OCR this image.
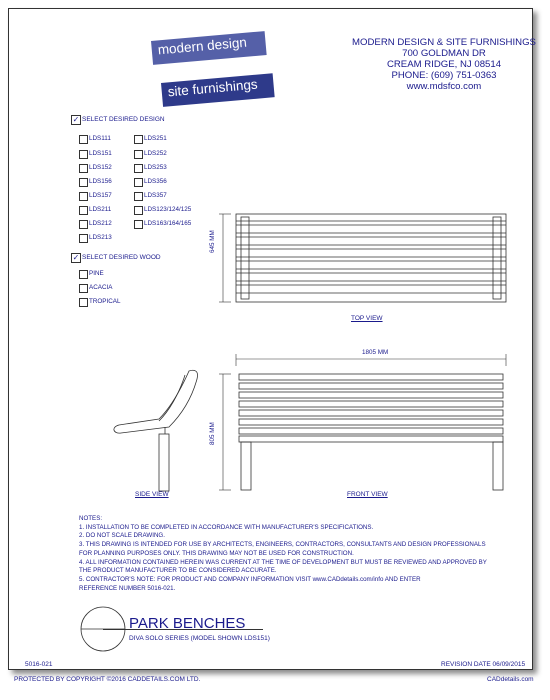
modern design
site furnishings
MODERN DESIGN & SITE FURNISHINGS
700 GOLDMAN DR
CREAM RIDGE, NJ 08514
PHONE: (609) 751-0363
www.mdsfco.com
✓ SELECT DESIRED DESIGN
LDS111
LDS151
LDS152
LDS156
LDS157
LDS211
LDS212
LDS213
LDS251
LDS252
LDS253
LDS356
LDS357
LDS123/124/125
LDS163/164/165
✓ SELECT DESIRED WOOD
PINE
ACACIA
TROPICAL
645 MM
1805 MM
805 MM
TOP VIEW
SIDE VIEW	FRONT VIEW
NOTES:
1. INSTALLATION TO BE COMPLETED IN ACCORDANCE WITH MANUFACTURER'S SPECIFICATIONS.
2. DO NOT SCALE DRAWING.
3. THIS DRAWING IS INTENDED FOR USE BY ARCHITECTS, ENGINEERS, CONTRACTORS, CONSULTANTS AND DESIGN PROFESSIONALS
FOR PLANNING PURPOSES ONLY. THIS DRAWING MAY NOT BE USED FOR CONSTRUCTION.
4. ALL INFORMATION CONTAINED HEREIN WAS CURRENT AT THE TIME OF DEVELOPMENT BUT MUST BE REVIEWED AND APPROVED BY
THE PRODUCT MANUFACTURER TO BE CONSIDERED ACCURATE.
5. CONTRACTOR'S NOTE: FOR PRODUCT AND COMPANY INFORMATION VISIT www.CADdetails.com/info AND ENTER
REFERENCE NUMBER 5016-021.
PARK BENCHES
DIVA SOLO SERIES (MODEL SHOWN LDS151)
5016-021	REVISION DATE 06/09/2015
PROTECTED BY COPYRIGHT ©2016 CADDETAILS.COM LTD.	CADdetails.com
